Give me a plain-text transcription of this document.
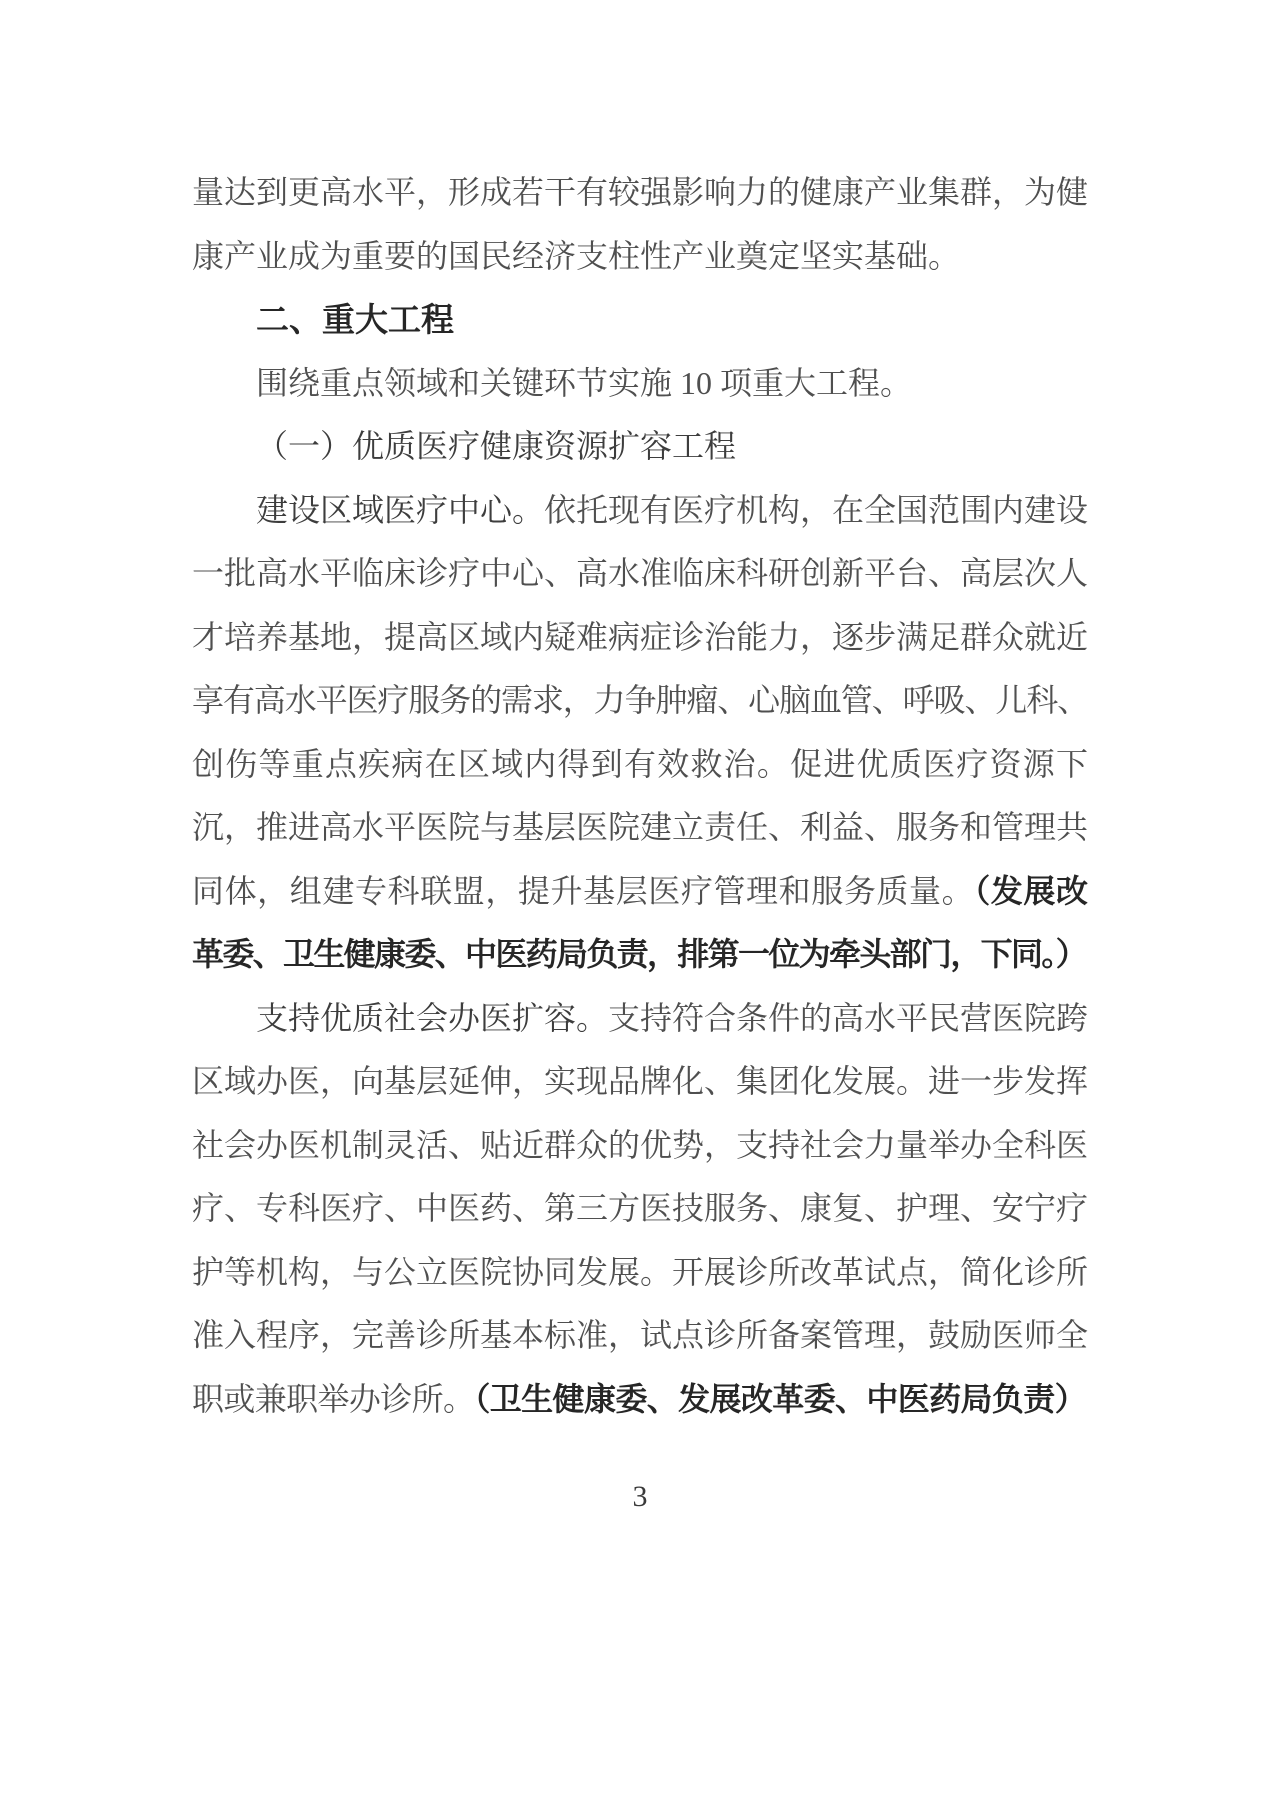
量达到更高水平，形成若干有较强影响力的健康产业集群，为健
康产业成为重要的国民经济支柱性产业奠定坚实基础。
二、重大工程
围绕重点领域和关键环节实施 10 项重大工程。
（一）优质医疗健康资源扩容工程
建设区域医疗中心。依托现有医疗机构，在全国范围内建设
一批高水平临床诊疗中心、高水准临床科研创新平台、高层次人
才培养基地，提高区域内疑难病症诊治能力，逐步满足群众就近
享有高水平医疗服务的需求，力争肿瘤、心脑血管、呼吸、儿科、
创伤等重点疾病在区域内得到有效救治。促进优质医疗资源下
沉，推进高水平医院与基层医院建立责任、利益、服务和管理共
同体，组建专科联盟，提升基层医疗管理和服务质量。（发展改
革委、卫生健康委、中医药局负责，排第一位为牵头部门，下同。）
支持优质社会办医扩容。支持符合条件的高水平民营医院跨
区域办医，向基层延伸，实现品牌化、集团化发展。进一步发挥
社会办医机制灵活、贴近群众的优势，支持社会力量举办全科医
疗、专科医疗、中医药、第三方医技服务、康复、护理、安宁疗
护等机构，与公立医院协同发展。开展诊所改革试点，简化诊所
准入程序，完善诊所基本标准，试点诊所备案管理，鼓励医师全
职或兼职举办诊所。（卫生健康委、发展改革委、中医药局负责）
3
